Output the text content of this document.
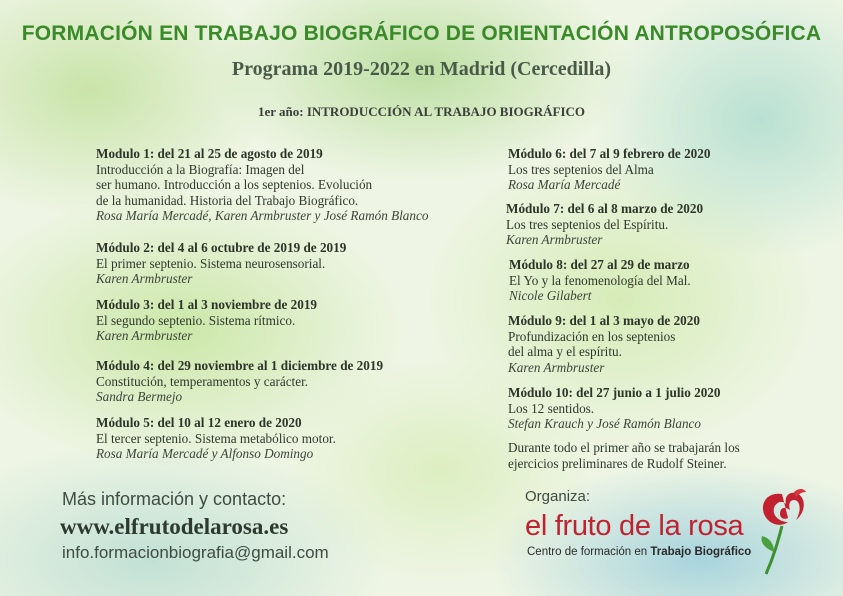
FORMACIÓN EN TRABAJO BIOGRÁFICO DE ORIENTACIÓN ANTROPOSÓFICA
Programa 2019-2022 en Madrid (Cercedilla)
1er año: INTRODUCCIÓN AL TRABAJO BIOGRÁFICO
Modulo 1: del 21 al 25 de agosto de 2019
Introducción a la Biografía: Imagen del
ser humano. Introducción a los septenios. Evolución
de la humanidad. Historia del Trabajo Biográfico.
Rosa María Mercadé, Karen Armbruster y José Ramón Blanco
Módulo 2: del 4 al 6 octubre de 2019 de 2019
El primer septenio. Sistema neurosensorial.
Karen Armbruster
Módulo 3: del 1 al 3 noviembre de 2019
El segundo septenio. Sistema rítmico.
Karen Armbruster
Módulo 4: del 29 noviembre al 1 diciembre de 2019
Constitución, temperamentos y carácter.
Sandra Bermejo
Módulo 5: del 10 al 12 enero de 2020
El tercer septenio. Sistema metabólico motor.
Rosa María Mercadé y Alfonso Domingo
Módulo 6: del 7 al 9 febrero de 2020
Los tres septenios del Alma
Rosa María Mercadé
Módulo 7: del 6 al 8 marzo de 2020
Los tres septenios del Espíritu.
Karen Armbruster
Módulo 8: del 27 al 29 de marzo
El Yo y la fenomenología del Mal.
Nicole Gilabert
Módulo 9: del 1 al 3 mayo de 2020
Profundización en los septenios
del alma y el espíritu.
Karen Armbruster
Módulo 10: del 27 junio a 1 julio 2020
Los 12 sentidos.
Stefan Krauch y José Ramón Blanco
Durante todo el primer año se trabajarán los
ejercicios preliminares de Rudolf Steiner.
Más información y contacto:
www.elfrutodelarosa.es
info.formacionbiografia@gmail.com
Organiza:
el fruto de la rosa
Centro de formación en Trabajo Biográfico
